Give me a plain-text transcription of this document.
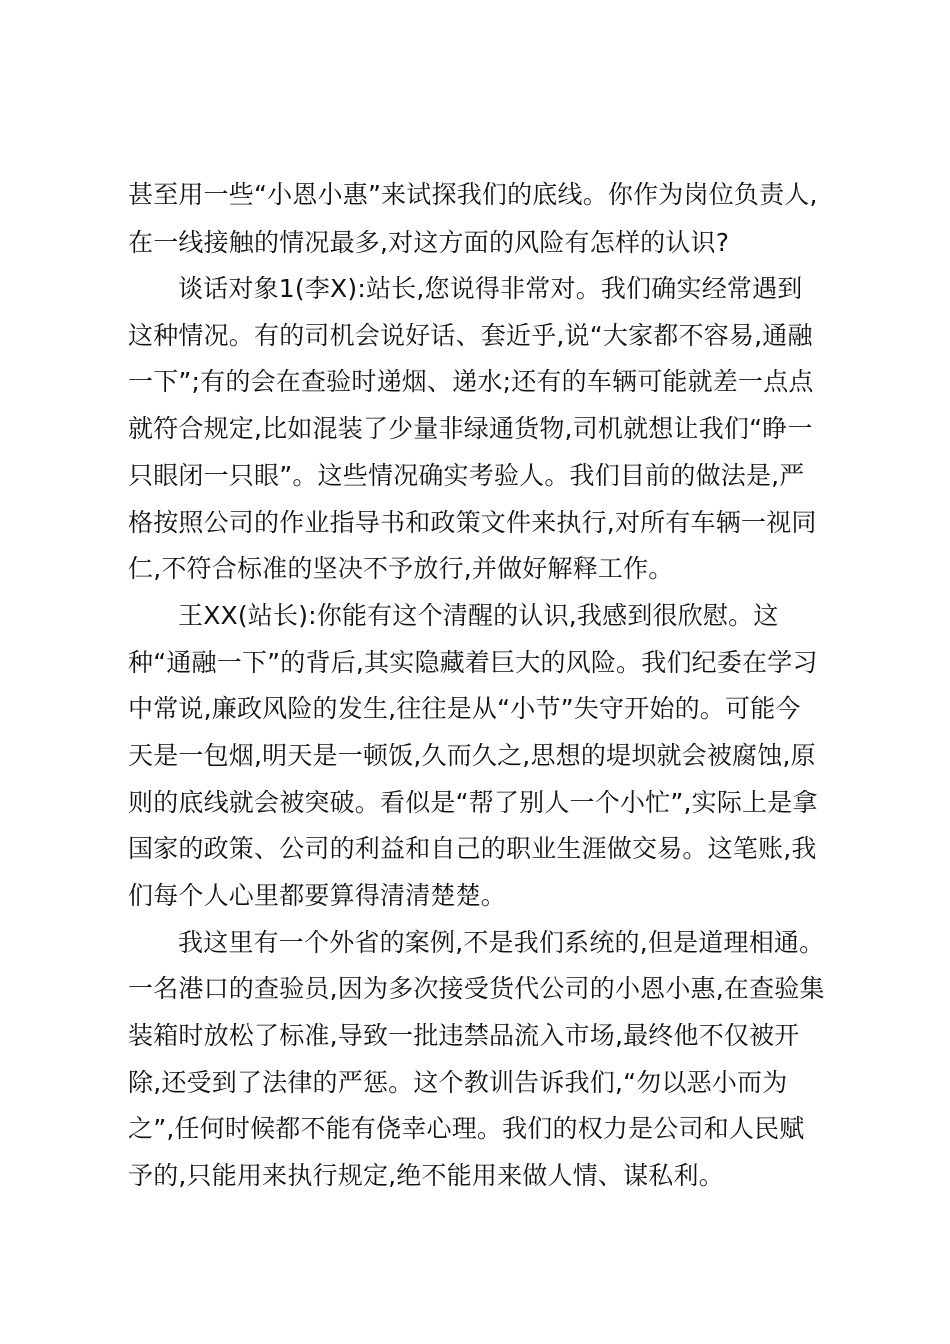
甚至用一些“小恩小惠”来试探我们的底线。你作为岗位负责人,
在一线接触的情况最多,对这方面的风险有怎样的认识?
谈话对象1(李X):站长,您说得非常对。我们确实经常遇到
这种情况。有的司机会说好话、套近乎,说“大家都不容易,通融
一下”;有的会在查验时递烟、递水;还有的车辆可能就差一点点
就符合规定,比如混装了少量非绿通货物,司机就想让我们“睁一
只眼闭一只眼”。这些情况确实考验人。我们目前的做法是,严
格按照公司的作业指导书和政策文件来执行,对所有车辆一视同
仁,不符合标准的坚决不予放行,并做好解释工作。
王XX(站长):你能有这个清醒的认识,我感到很欣慰。这
种“通融一下”的背后,其实隐藏着巨大的风险。我们纪委在学习
中常说,廉政风险的发生,往往是从“小节”失守开始的。可能今
天是一包烟,明天是一顿饭,久而久之,思想的堤坝就会被腐蚀,原
则的底线就会被突破。看似是“帮了别人一个小忙”,实际上是拿
国家的政策、公司的利益和自己的职业生涯做交易。这笔账,我
们每个人心里都要算得清清楚楚。
我这里有一个外省的案例,不是我们系统的,但是道理相通。
一名港口的查验员,因为多次接受货代公司的小恩小惠,在查验集
装箱时放松了标准,导致一批违禁品流入市场,最终他不仅被开
除,还受到了法律的严惩。这个教训告诉我们,“勿以恶小而为
之”,任何时候都不能有侥幸心理。我们的权力是公司和人民赋
予的,只能用来执行规定,绝不能用来做人情、谋私利。
